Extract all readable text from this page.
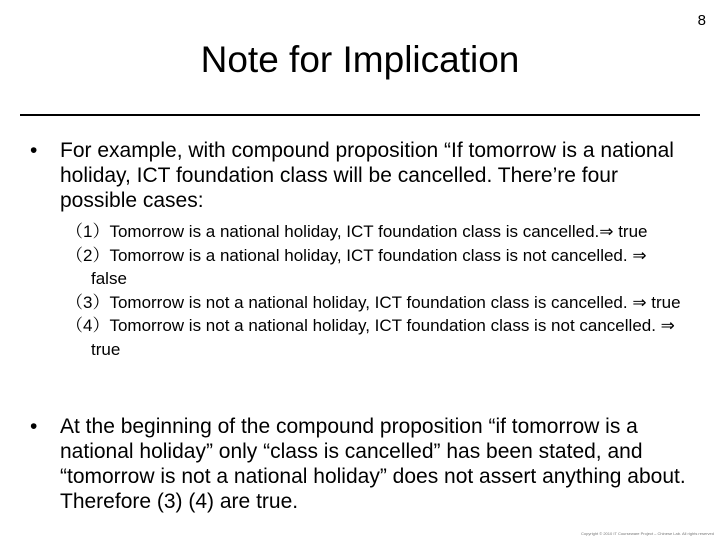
8
Note for Implication
•	For example, with compound proposition “If tomorrow is a national holiday, ICT foundation class will be cancelled. There’re four possible cases:

（1）Tomorrow is a national holiday, ICT foundation class is cancelled.⇒ true

（2）Tomorrow is a national holiday, ICT foundation class is not cancelled. ⇒ false

（3）Tomorrow is not a national holiday, ICT foundation class is cancelled. ⇒ true

（4）Tomorrow is not a national holiday, ICT foundation class is not cancelled. ⇒ true

•	At the beginning of the compound proposition “if tomorrow is a national holiday” only “class is cancelled” has been stated, and “tomorrow is not a national holiday” does not assert anything about. Therefore (3) (4) are true.
Copyright © 2010 IT Courseware Project – Chinese Lab. All rights reserved
